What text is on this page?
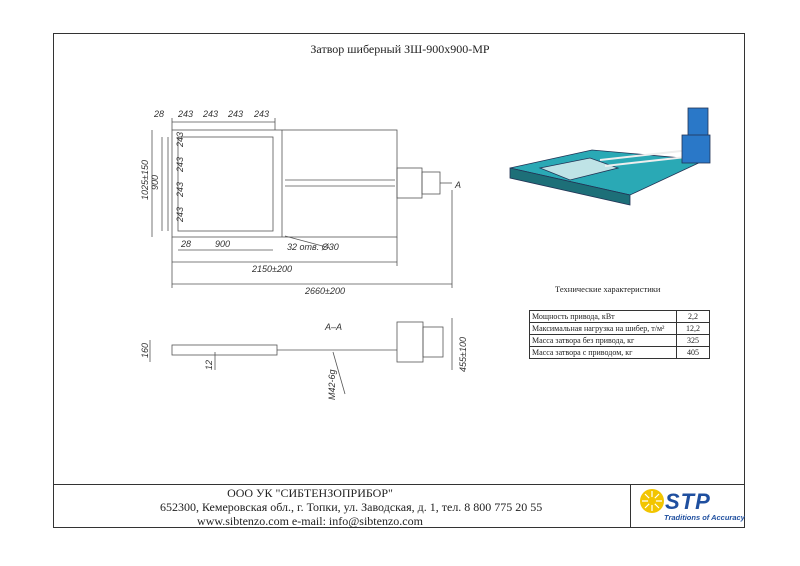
Затвор шиберный ЗШ-900х900-МР
28 243 243 243 243
243
243
243
243
1025±150 900
28	900	32 отв. Ø30
2150±200
2660±200
А
А–А
160
12
М42-6g
455±100
Технические характеристики
Мощность привода, кВт	2,2
Максимальная нагрузка на шибер, т/м²	12,2
Масса затвора без привода, кг	325
Масса затвора с приводом, кг	405
ООО УК "СИБТЕНЗОПРИБОР"
652300, Кемеровская обл., г. Топки, ул. Заводская, д. 1, тел. 8 800 775 20 55
www.sibtenzo.com e-mail: info@sibtenzo.com
STP
Traditions of Accuracy
